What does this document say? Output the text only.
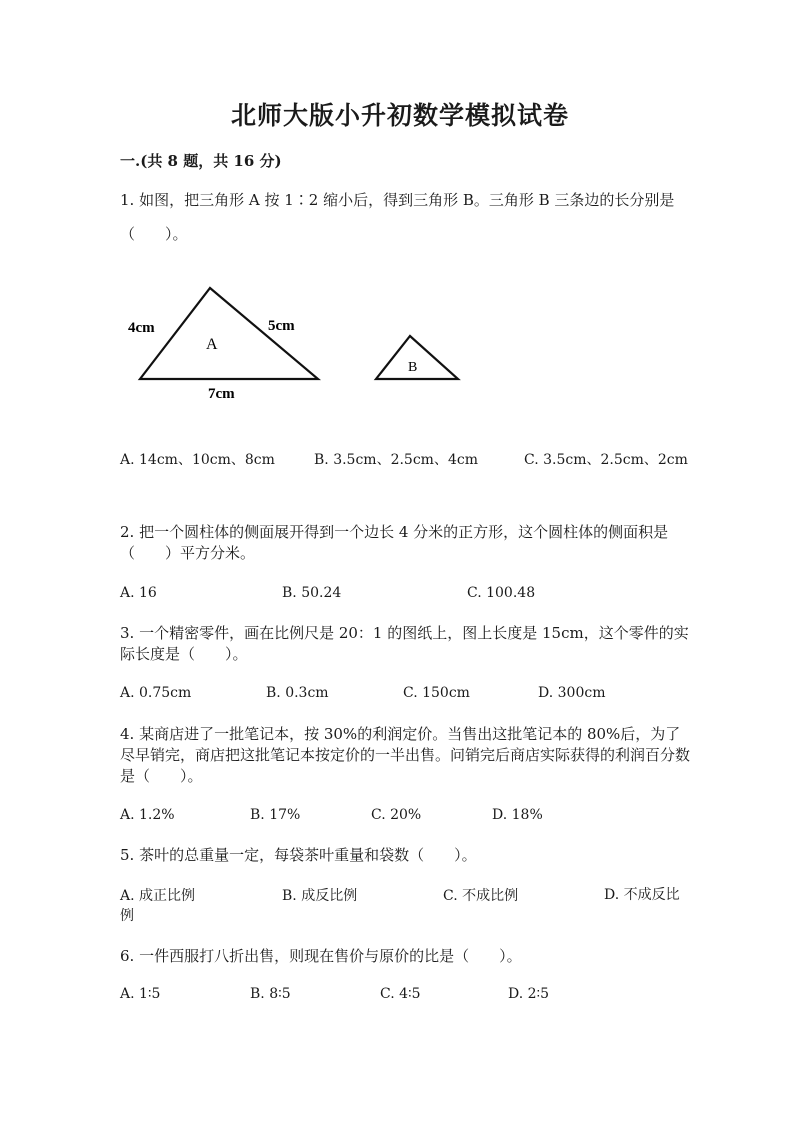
北师大版小升初数学模拟试卷
一.(共 8 题，共 16 分)
1. 如图，把三角形 A 按 1∶2 缩小后，得到三角形 B。三角形 B 三条边的长分别是（　　）。
4cm	5cm
7cm
A
B
A. 14cm、10cm、8cm	B. 3.5cm、2.5cm、4cm	C. 3.5cm、2.5cm、2cm
2. 把一个圆柱体的侧面展开得到一个边长 4 分米的正方形，这个圆柱体的侧面积是（　　）平方分米。
A. 16	B. 50.24	C. 100.48
3. 一个精密零件，画在比例尺是 20：1 的图纸上，图上长度是 15cm，这个零件的实际长度是（　　）。
A. 0.75cm	B. 0.3cm	C. 150cm	D. 300cm
4. 某商店进了一批笔记本，按 30%的利润定价。当售出这批笔记本的 80%后，为了尽早销完，商店把这批笔记本按定价的一半出售。问销完后商店实际获得的利润百分数是（　　）。
A. 1.2%	B. 17%	C. 20%	D. 18%
5. 茶叶的总重量一定，每袋茶叶重量和袋数（　　）。
A. 成正比例	B. 成反比例	C. 不成比例	D. 不成反比例
6. 一件西服打八折出售，则现在售价与原价的比是（　　）。
A. 1∶5	B. 8∶5	C. 4∶5	D. 2∶5
